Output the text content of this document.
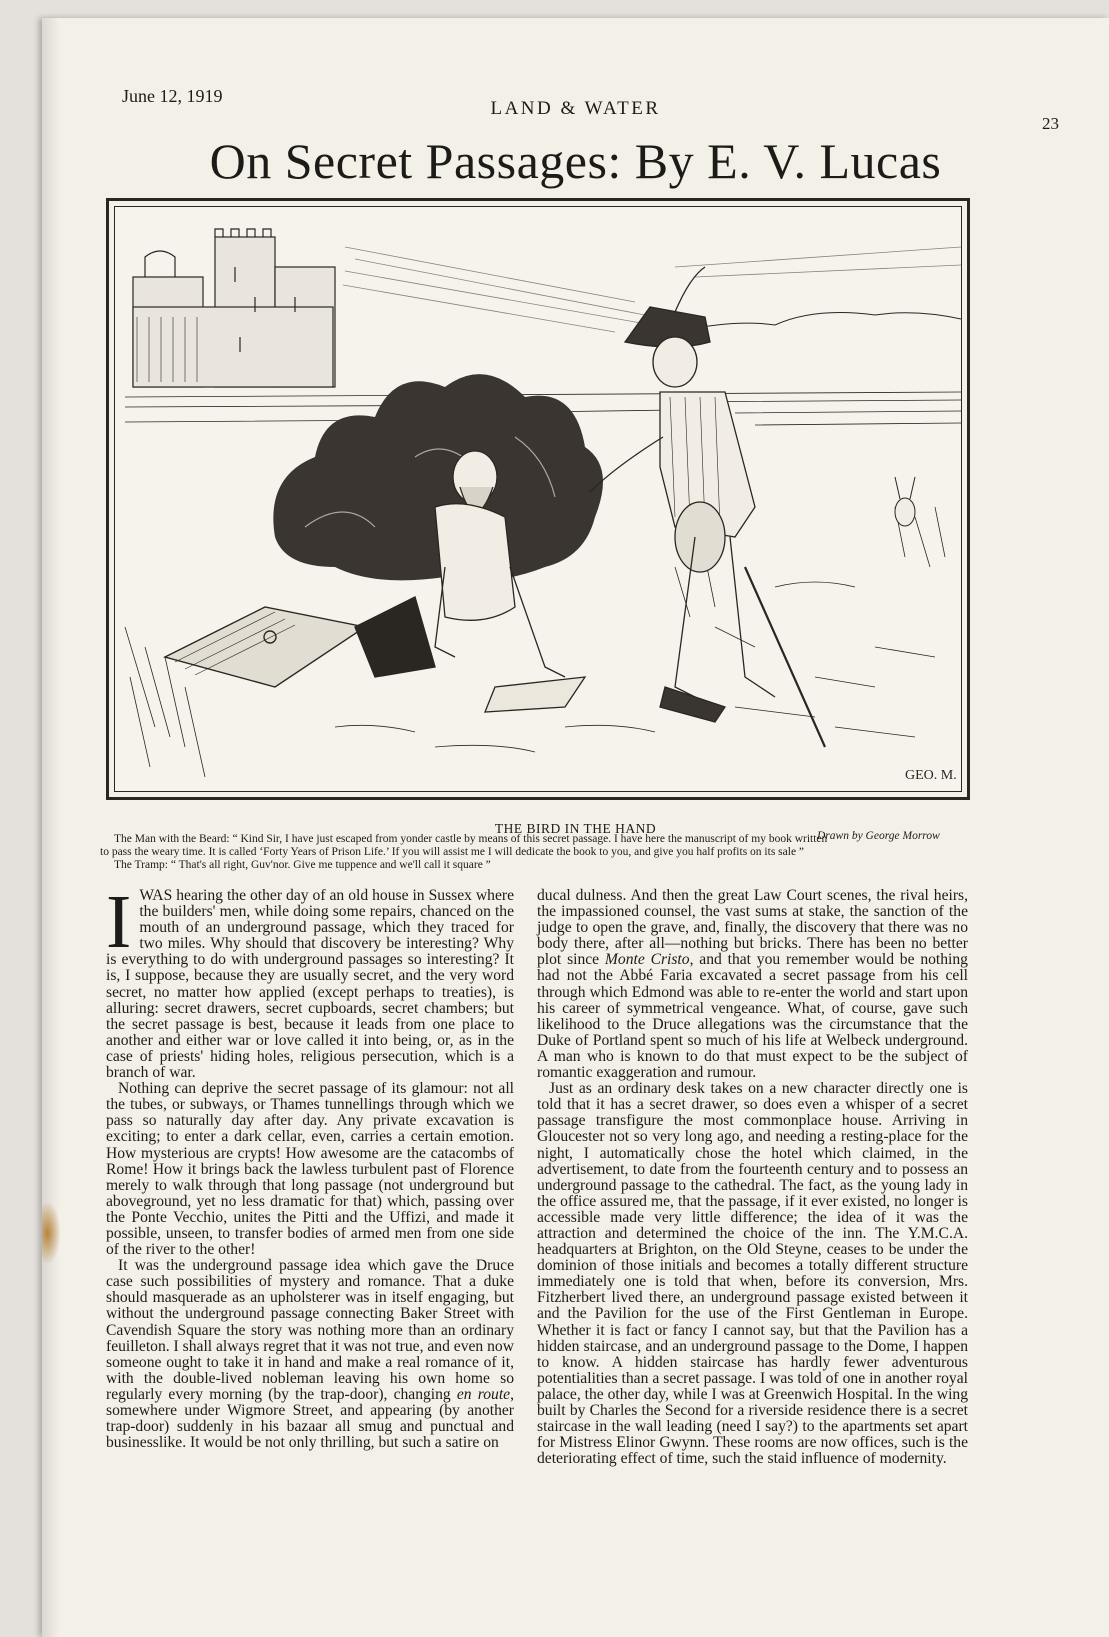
June 12, 1919
LAND & WATER
23
On Secret Passages: By E. V. Lucas
GEO. M.
THE BIRD IN THE HAND	Drawn by George Morrow

The Man with the Beard: “ Kind Sir, I have just escaped from yonder castle by means of this secret passage. I have here the manuscript of my book written

to pass the weary time. It is called ‘Forty Years of Prison Life.’ If you will assist me I will dedicate the book to you, and give you half profits on its sale ”

The Tramp: “ That's all right, Guv'nor. Give me tuppence and we'll call it square ”

IWAS hearing the other day of an old house in Sussex where the builders' men, while doing some repairs, chanced on the mouth of an underground passage, which they traced for two miles. Why should that discovery be interesting? Why is everything to do with underground passages so interesting? It is, I suppose, because they are usually secret, and the very word secret, no matter how applied (except perhaps to treaties), is alluring: secret drawers, secret cupboards, secret chambers; but the secret passage is best, because it leads from one place to another and either war or love called it into being, or, as in the case of priests' hiding holes, religious persecution, which is a branch of war.

Nothing can deprive the secret passage of its glamour: not all the tubes, or subways, or Thames tunnellings through which we pass so naturally day after day. Any private excavation is exciting; to enter a dark cellar, even, carries a certain emotion. How mysterious are crypts! How awesome are the catacombs of Rome! How it brings back the lawless turbulent past of Florence merely to walk through that long passage (not underground but aboveground, yet no less dramatic for that) which, passing over the Ponte Vecchio, unites the Pitti and the Uffizi, and made it possible, unseen, to transfer bodies of armed men from one side of the river to the other!

It was the underground passage idea which gave the Druce case such possibilities of mystery and romance. That a duke should masquerade as an upholsterer was in itself engaging, but without the underground passage connecting Baker Street with Cavendish Square the story was nothing more than an ordinary feuilleton. I shall always regret that it was not true, and even now someone ought to take it in hand and make a real romance of it, with the double-lived nobleman leaving his own home so regularly every morning (by the trap-door), changing en route, somewhere under Wigmore Street, and appearing (by another trap-door) suddenly in his bazaar all smug and punctual and businesslike. It would be not only thrilling, but such a satire on

ducal dulness. And then the great Law Court scenes, the rival heirs, the impassioned counsel, the vast sums at stake, the sanction of the judge to open the grave, and, finally, the discovery that there was no body there, after all—nothing but bricks. There has been no better plot since Monte Cristo, and that you remember would be nothing had not the Abbé Faria excavated a secret passage from his cell through which Edmond was able to re-enter the world and start upon his career of symmetrical vengeance. What, of course, gave such likelihood to the Druce allegations was the circumstance that the Duke of Portland spent so much of his life at Welbeck underground. A man who is known to do that must expect to be the subject of romantic exaggeration and rumour.

Just as an ordinary desk takes on a new character directly one is told that it has a secret drawer, so does even a whisper of a secret passage transfigure the most commonplace house. Arriving in Gloucester not so very long ago, and needing a resting-place for the night, I automatically chose the hotel which claimed, in the advertisement, to date from the fourteenth century and to possess an underground passage to the cathedral. The fact, as the young lady in the office assured me, that the passage, if it ever existed, no longer is accessible made very little difference; the idea of it was the attraction and determined the choice of the inn. The Y.M.C.A. headquarters at Brighton, on the Old Steyne, ceases to be under the dominion of those initials and becomes a totally different structure immediately one is told that when, before its conversion, Mrs. Fitzherbert lived there, an underground passage existed between it and the Pavilion for the use of the First Gentleman in Europe. Whether it is fact or fancy I cannot say, but that the Pavilion has a hidden staircase, and an underground passage to the Dome, I happen to know. A hidden staircase has hardly fewer adventurous potentialities than a secret passage. I was told of one in another royal palace, the other day, while I was at Greenwich Hospital. In the wing built by Charles the Second for a riverside residence there is a secret staircase in the wall leading (need I say?) to the apartments set apart for Mistress Elinor Gwynn. These rooms are now offices, such is the deteriorating effect of time, such the staid influence of modernity.
